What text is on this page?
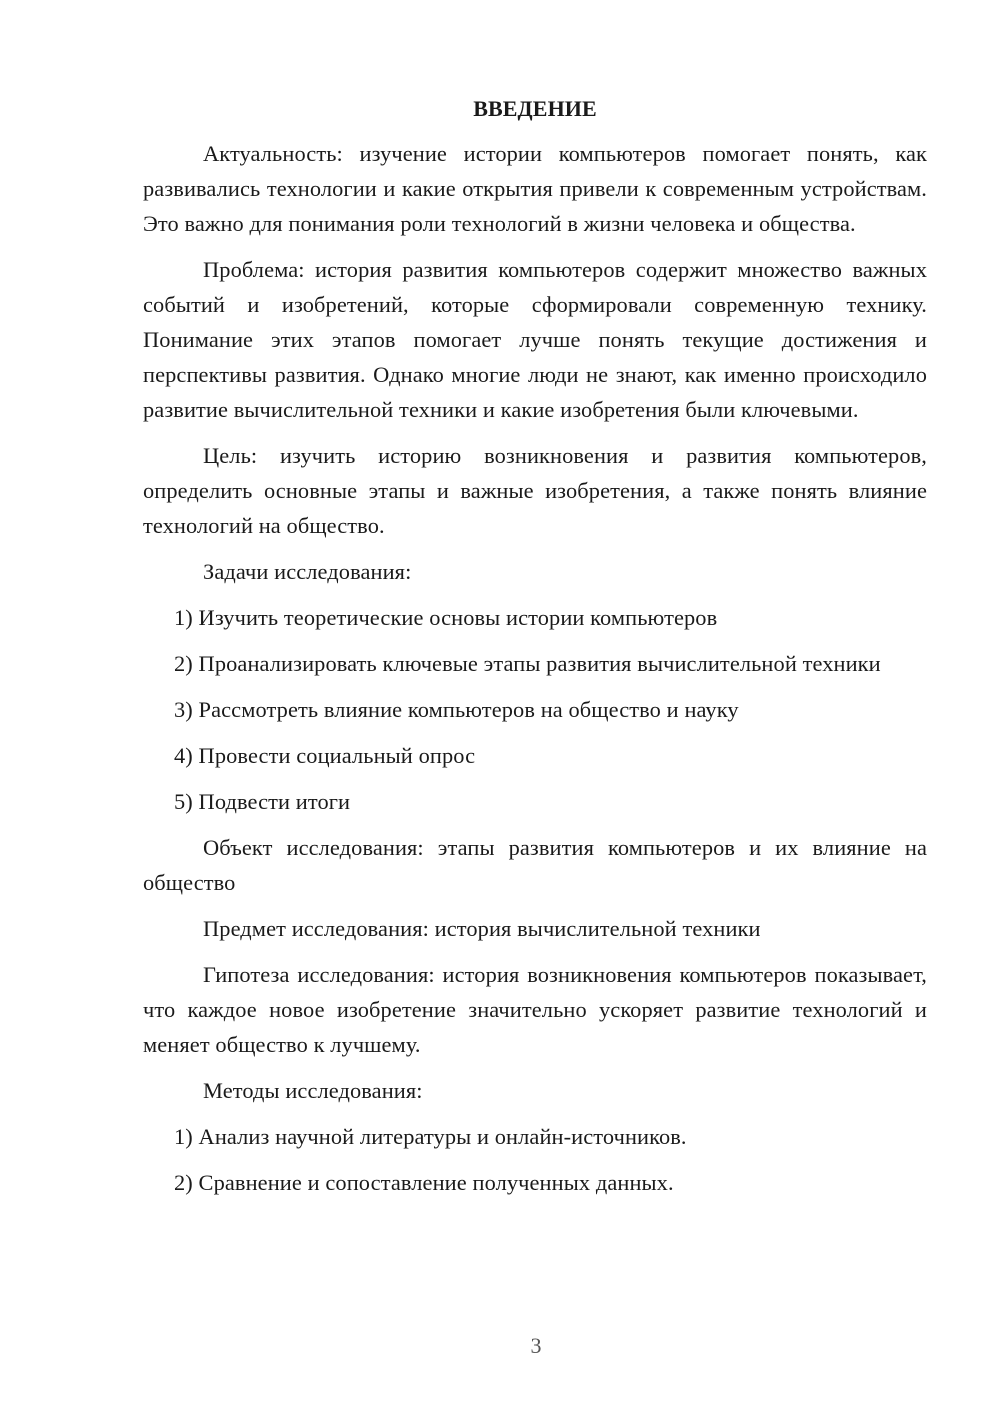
ВВЕДЕНИЕ

Актуальность: изучение истории компьютеров помогает понять, как развивались технологии и какие открытия привели к современным устройствам. Это важно для понимания роли технологий в жизни человека и общества.

Проблема: история развития компьютеров содержит множество важных событий и изобретений, которые сформировали современную технику. Понимание этих этапов помогает лучше понять текущие достижения и перспективы развития. Однако многие люди не знают, как именно происходило развитие вычислительной техники и какие изобретения были ключевыми.

Цель: изучить историю возникновения и развития компьютеров, определить основные этапы и важные изобретения, а также понять влияние технологий на общество.

Задачи исследования:

1) Изучить теоретические основы истории компьютеров

2) Проанализировать ключевые этапы развития вычислительной техники

3) Рассмотреть влияние компьютеров на общество и науку

4) Провести социальный опрос

5) Подвести итоги

Объект исследования: этапы развития компьютеров и их влияние на общество

Предмет исследования: история вычислительной техники

Гипотеза исследования: история возникновения компьютеров показывает, что каждое новое изобретение значительно ускоряет развитие технологий и меняет общество к лучшему.

Методы исследования:

1) Анализ научной литературы и онлайн-источников.

2) Сравнение и сопоставление полученных данных.

3
